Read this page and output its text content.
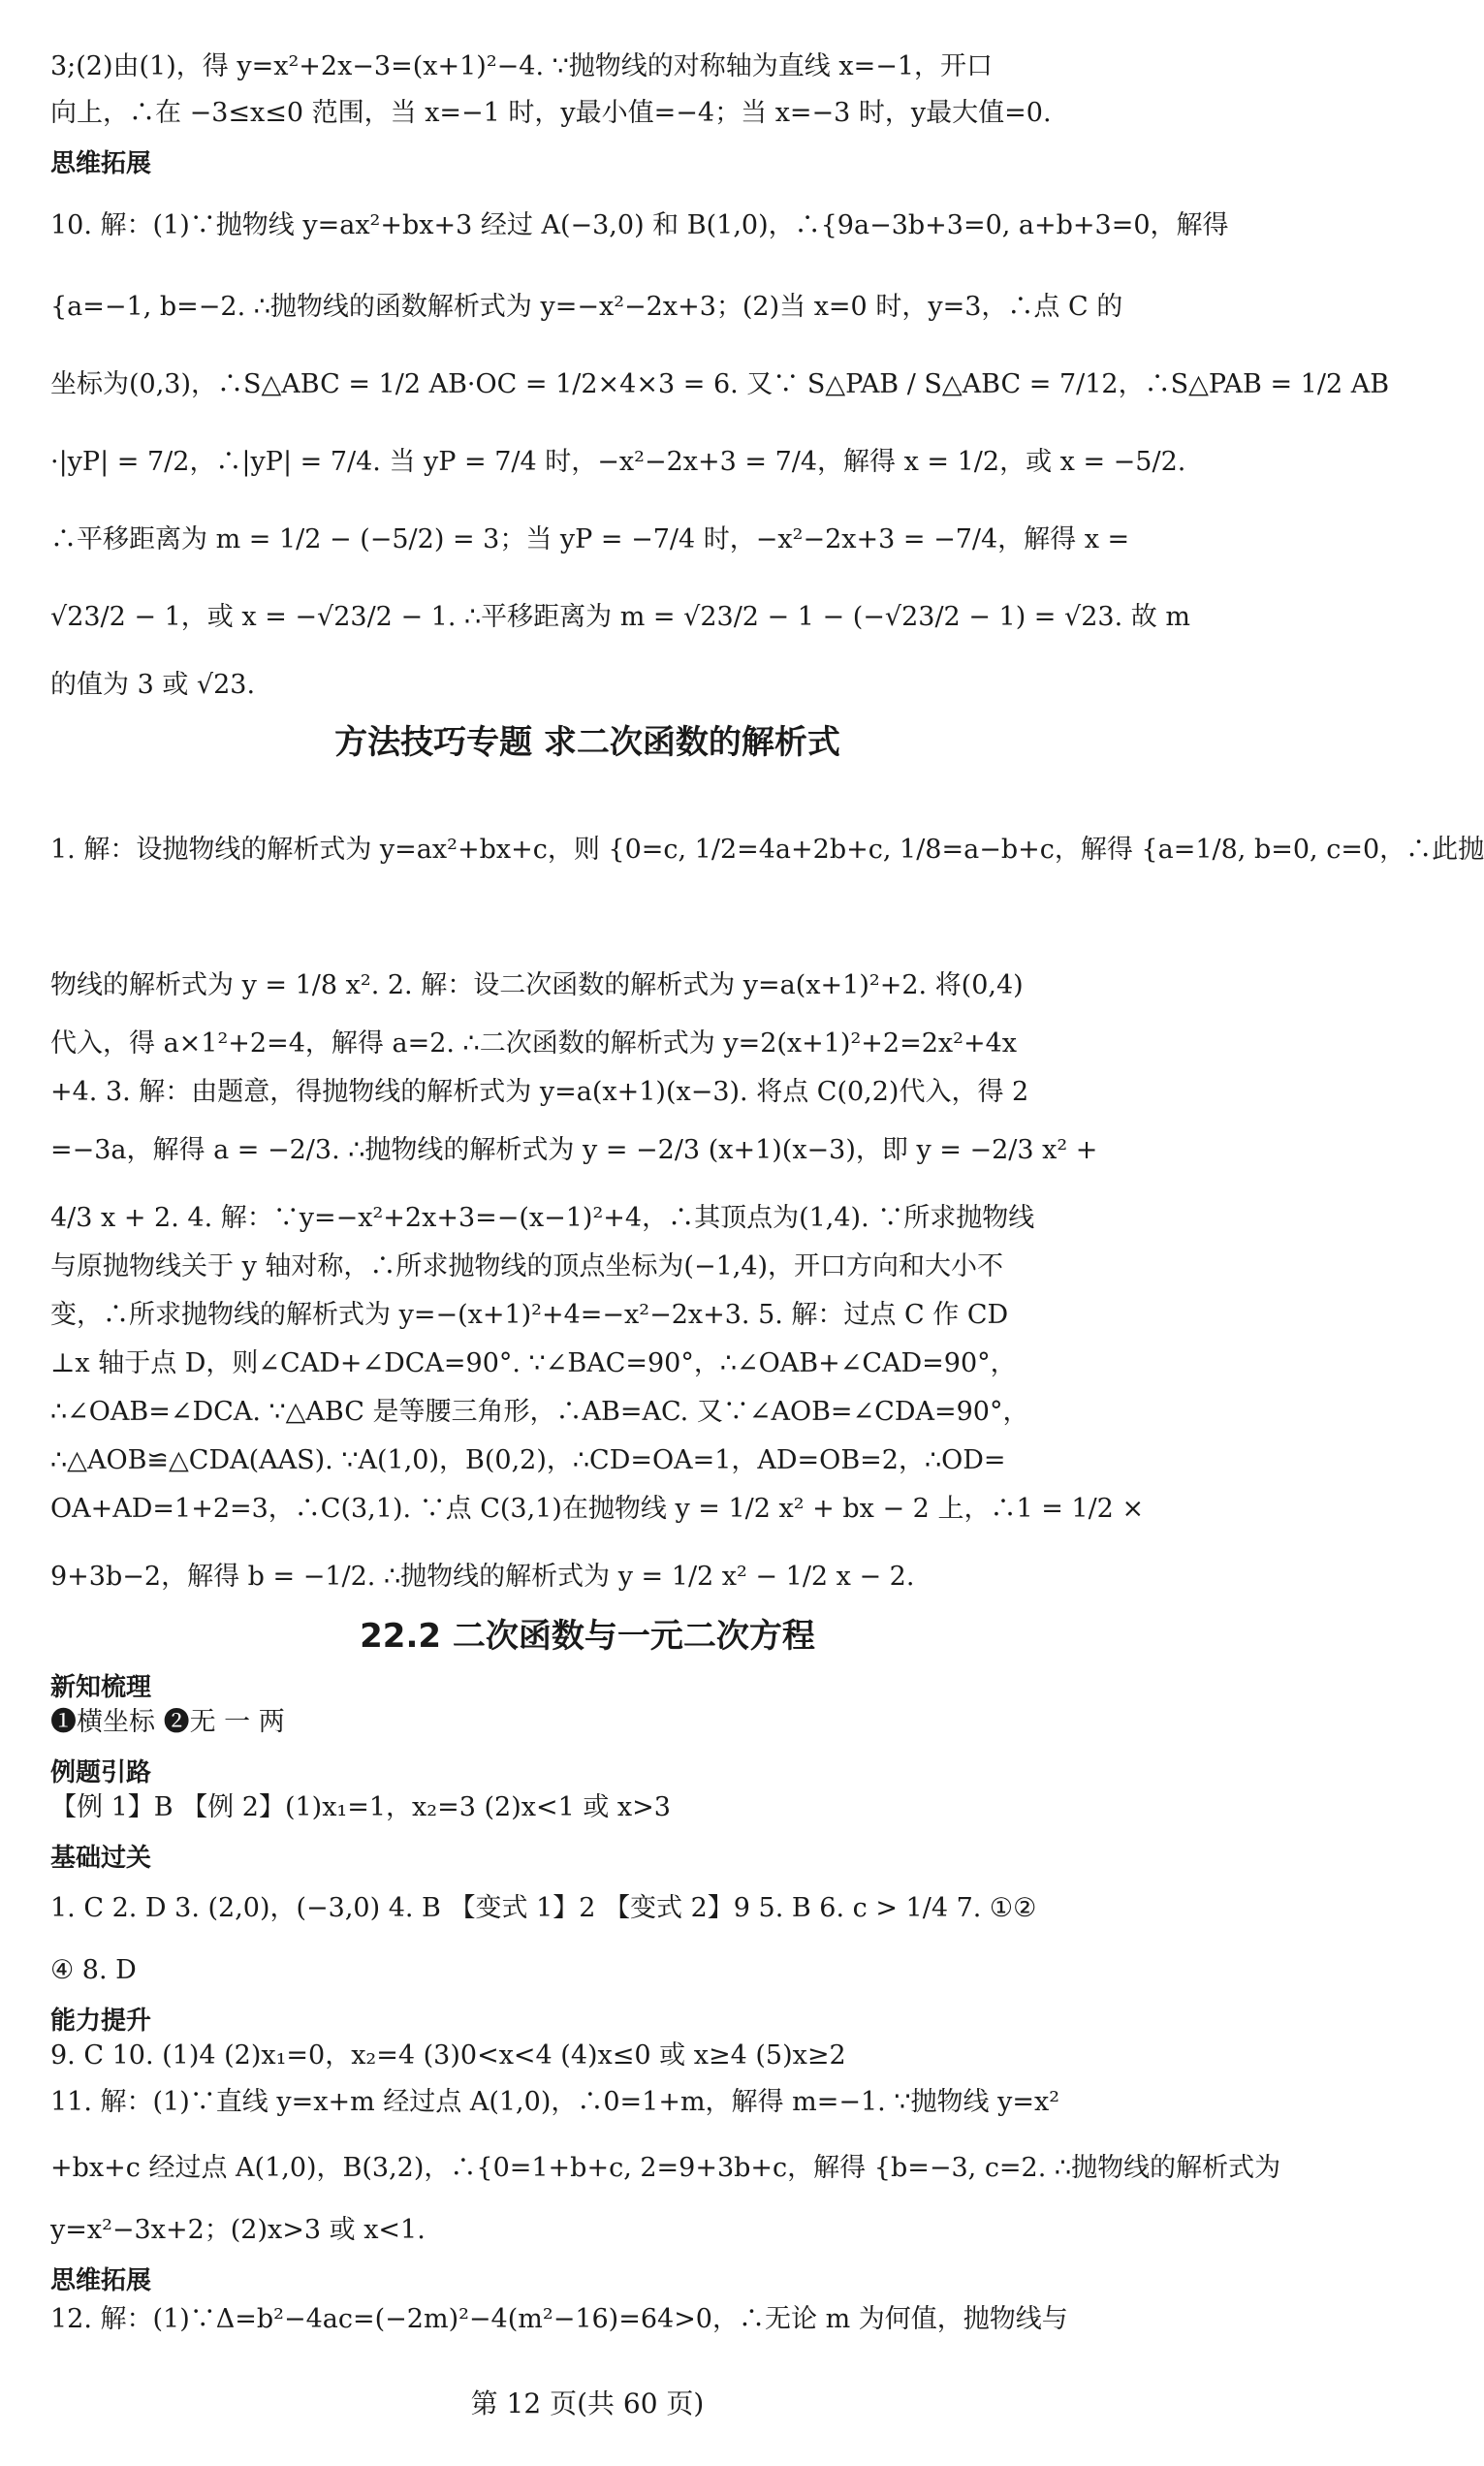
3;(2)由(1)，得 y=x²+2x−3=(x+1)²−4. ∵抛物线的对称轴为直线 x=−1，开口
向上，∴在 −3≤x≤0 范围，当 x=−1 时，y最小值=−4；当 x=−3 时，y最大值=0.
思维拓展
10. 解：(1)∵抛物线 y=ax²+bx+3 经过 A(−3,0) 和 B(1,0)，∴{9a−3b+3=0, a+b+3=0，解得
{a=−1, b=−2. ∴抛物线的函数解析式为 y=−x²−2x+3；(2)当 x=0 时，y=3，∴点 C 的
坐标为(0,3)，∴S△ABC = 1/2 AB·OC = 1/2×4×3 = 6. 又∵ S△PAB / S△ABC = 7/12，∴S△PAB = 1/2 AB
·|yP| = 7/2，∴|yP| = 7/4. 当 yP = 7/4 时，−x²−2x+3 = 7/4，解得 x = 1/2，或 x = −5/2.
∴平移距离为 m = 1/2 − (−5/2) = 3；当 yP = −7/4 时，−x²−2x+3 = −7/4，解得 x =
√23/2 − 1，或 x = −√23/2 − 1. ∴平移距离为 m = √23/2 − 1 − (−√23/2 − 1) = √23. 故 m
的值为 3 或 √23.
方法技巧专题 求二次函数的解析式
1. 解：设抛物线的解析式为 y=ax²+bx+c，则 {0=c, 1/2=4a+2b+c, 1/8=a−b+c，解得 {a=1/8, b=0, c=0，∴此抛
物线的解析式为 y = 1/8 x². 2. 解：设二次函数的解析式为 y=a(x+1)²+2. 将(0,4)
代入，得 a×1²+2=4，解得 a=2. ∴二次函数的解析式为 y=2(x+1)²+2=2x²+4x
+4. 3. 解：由题意，得抛物线的解析式为 y=a(x+1)(x−3). 将点 C(0,2)代入，得 2
=−3a，解得 a = −2/3. ∴抛物线的解析式为 y = −2/3 (x+1)(x−3)，即 y = −2/3 x² +
4/3 x + 2. 4. 解：∵y=−x²+2x+3=−(x−1)²+4，∴其顶点为(1,4). ∵所求抛物线
与原抛物线关于 y 轴对称，∴所求抛物线的顶点坐标为(−1,4)，开口方向和大小不
变，∴所求抛物线的解析式为 y=−(x+1)²+4=−x²−2x+3. 5. 解：过点 C 作 CD
⊥x 轴于点 D，则∠CAD+∠DCA=90°. ∵∠BAC=90°，∴∠OAB+∠CAD=90°，
∴∠OAB=∠DCA. ∵△ABC 是等腰三角形，∴AB=AC. 又∵∠AOB=∠CDA=90°，
∴△AOB≌△CDA(AAS). ∵A(1,0)，B(0,2)，∴CD=OA=1，AD=OB=2，∴OD=
OA+AD=1+2=3，∴C(3,1). ∵点 C(3,1)在抛物线 y = 1/2 x² + bx − 2 上，∴1 = 1/2 ×
9+3b−2，解得 b = −1/2. ∴抛物线的解析式为 y = 1/2 x² − 1/2 x − 2.
22.2 二次函数与一元二次方程
新知梳理
❶横坐标 ❷无 一 两
例题引路
【例 1】B 【例 2】(1)x₁=1，x₂=3 (2)x<1 或 x>3
基础过关
1. C 2. D 3. (2,0)，(−3,0) 4. B 【变式 1】2 【变式 2】9 5. B 6. c > 1/4 7. ①②
④ 8. D
能力提升
9. C 10. (1)4 (2)x₁=0，x₂=4 (3)0<x<4 (4)x≤0 或 x≥4 (5)x≥2
11. 解：(1)∵直线 y=x+m 经过点 A(1,0)，∴0=1+m，解得 m=−1. ∵抛物线 y=x²
+bx+c 经过点 A(1,0)，B(3,2)，∴{0=1+b+c, 2=9+3b+c，解得 {b=−3, c=2. ∴抛物线的解析式为
y=x²−3x+2；(2)x>3 或 x<1.
思维拓展
12. 解：(1)∵Δ=b²−4ac=(−2m)²−4(m²−16)=64>0，∴无论 m 为何值，抛物线与
第 12 页(共 60 页)
